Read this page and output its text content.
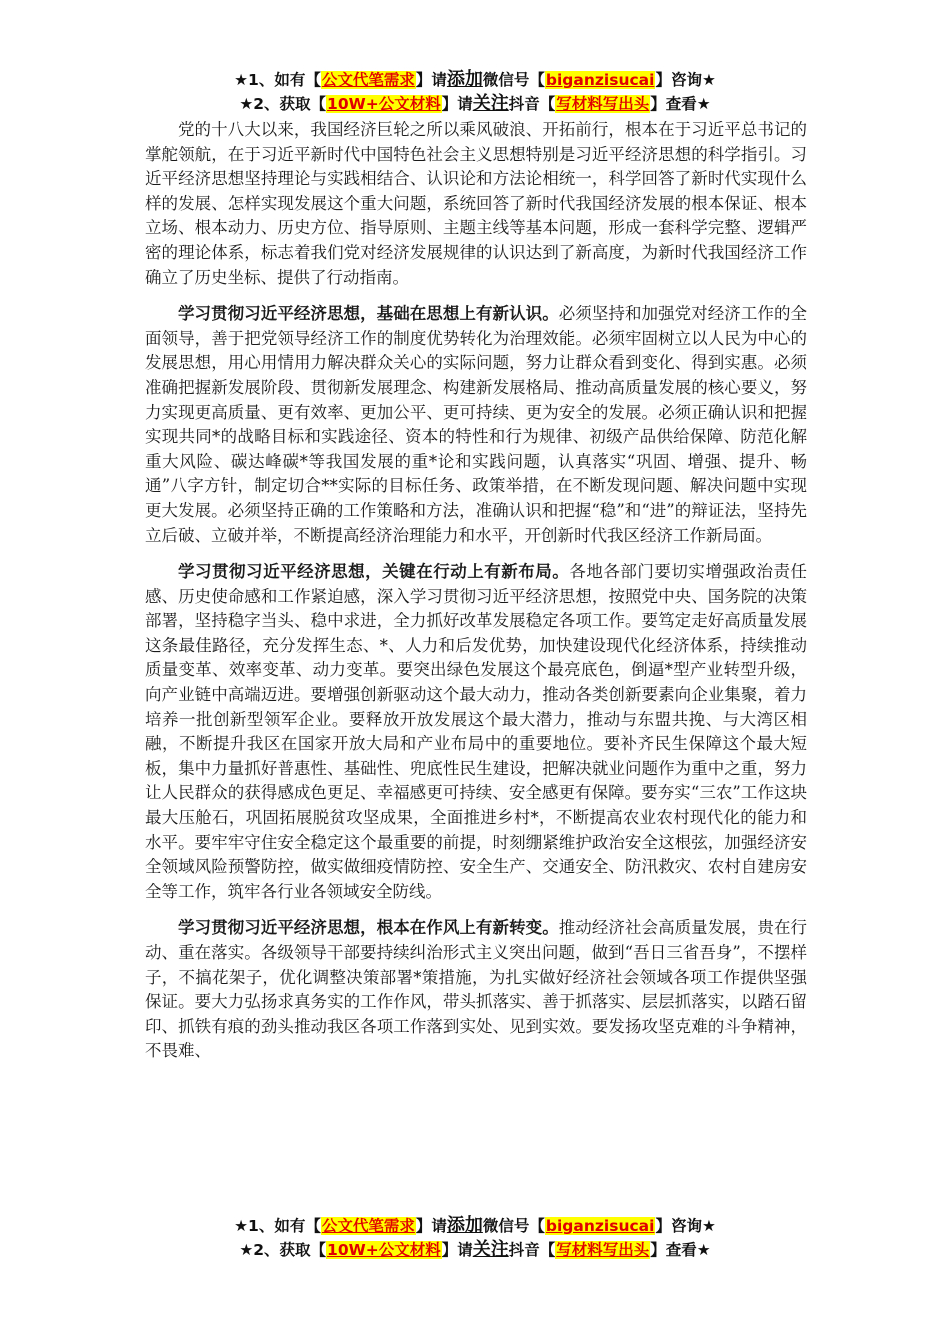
★1、如有【公文代笔需求】请添加微信号【biganzisucai】咨询★
★2、获取【10W+公文材料】请关注抖音【写材料写出头】查看★

党的十八大以来，我国经济巨轮之所以乘风破浪、开拓前行，根本在于习近平总书记的掌舵领航，在于习近平新时代中国特色社会主义思想特别是习近平经济思想的科学指引。习近平经济思想坚持理论与实践相结合、认识论和方法论相统一，科学回答了新时代实现什么样的发展、怎样实现发展这个重大问题，系统回答了新时代我国经济发展的根本保证、根本立场、根本动力、历史方位、指导原则、主题主线等基本问题，形成一套科学完整、逻辑严密的理论体系，标志着我们党对经济发展规律的认识达到了新高度，为新时代我国经济工作确立了历史坐标、提供了行动指南。

学习贯彻习近平经济思想，基础在思想上有新认识。必须坚持和加强党对经济工作的全面领导，善于把党领导经济工作的制度优势转化为治理效能。必须牢固树立以人民为中心的发展思想，用心用情用力解决群众关心的实际问题，努力让群众看到变化、得到实惠。必须准确把握新发展阶段、贯彻新发展理念、构建新发展格局、推动高质量发展的核心要义，努力实现更高质量、更有效率、更加公平、更可持续、更为安全的发展。必须正确认识和把握实现共同*的战略目标和实践途径、资本的特性和行为规律、初级产品供给保障、防范化解重大风险、碳达峰碳*等我国发展的重*论和实践问题，认真落实“巩固、增强、提升、畅通”八字方针，制定切合**实际的目标任务、政策举措，在不断发现问题、解决问题中实现更大发展。必须坚持正确的工作策略和方法，准确认识和把握“稳”和“进”的辩证法，坚持先立后破、立破并举，不断提高经济治理能力和水平，开创新时代我区经济工作新局面。

学习贯彻习近平经济思想，关键在行动上有新布局。各地各部门要切实增强政治责任感、历史使命感和工作紧迫感，深入学习贯彻习近平经济思想，按照党中央、国务院的决策部署，坚持稳字当头、稳中求进，全力抓好改革发展稳定各项工作。要笃定走好高质量发展这条最佳路径，充分发挥生态、*、人力和后发优势，加快建设现代化经济体系，持续推动质量变革、效率变革、动力变革。要突出绿色发展这个最亮底色，倒逼*型产业转型升级，向产业链中高端迈进。要增强创新驱动这个最大动力，推动各类创新要素向企业集聚，着力培养一批创新型领军企业。要释放开放发展这个最大潜力，推动与东盟共挽、与大湾区相融，不断提升我区在国家开放大局和产业布局中的重要地位。要补齐民生保障这个最大短板，集中力量抓好普惠性、基础性、兜底性民生建设，把解决就业问题作为重中之重，努力让人民群众的获得感成色更足、幸福感更可持续、安全感更有保障。要夯实“三农”工作这块最大压舱石，巩固拓展脱贫攻坚成果，全面推进乡村*，不断提高农业农村现代化的能力和水平。要牢牢守住安全稳定这个最重要的前提，时刻绷紧维护政治安全这根弦，加强经济安全领域风险预警防控，做实做细疫情防控、安全生产、交通安全、防汛救灾、农村自建房安全等工作，筑牢各行业各领域安全防线。

学习贯彻习近平经济思想，根本在作风上有新转变。推动经济社会高质量发展，贵在行动、重在落实。各级领导干部要持续纠治形式主义突出问题，做到“吾日三省吾身”，不摆样子，不搞花架子，优化调整决策部署*策措施，为扎实做好经济社会领域各项工作提供坚强保证。要大力弘扬求真务实的工作作风，带头抓落实、善于抓落实、层层抓落实，以踏石留印、抓铁有痕的劲头推动我区各项工作落到实处、见到实效。要发扬攻坚克难的斗争精神，不畏难、

★1、如有【公文代笔需求】请添加微信号【biganzisucai】咨询★
★2、获取【10W+公文材料】请关注抖音【写材料写出头】查看★
